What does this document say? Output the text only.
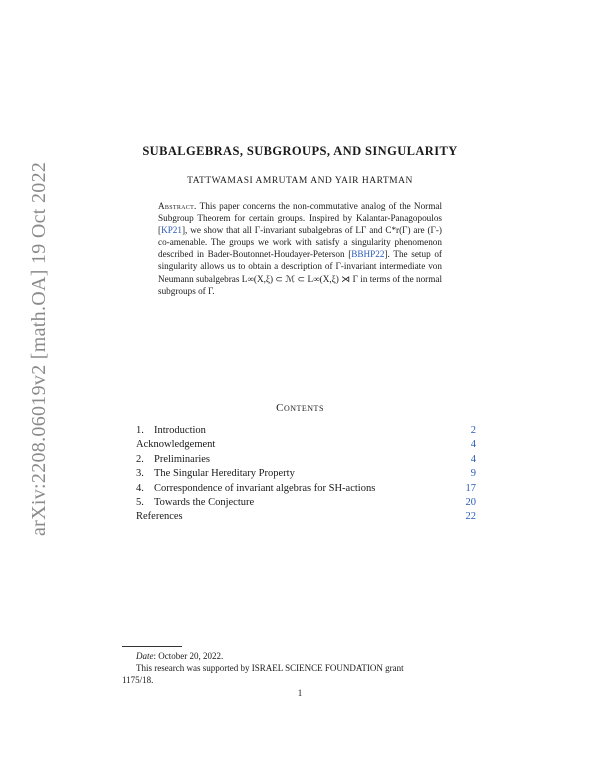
arXiv:2208.06019v2 [math.OA] 19 Oct 2022
SUBALGEBRAS, SUBGROUPS, AND SINGULARITY
TATTWAMASI AMRUTAM AND YAIR HARTMAN
Abstract. This paper concerns the non-commutative analog of the Normal Subgroup Theorem for certain groups. Inspired by Kalantar-Panagopoulos [KP21], we show that all Γ-invariant subalgebras of LΓ and C*r(Γ) are (Γ-) co-amenable. The groups we work with satisfy a singularity phenomenon described in Bader-Boutonnet-Houdayer-Peterson [BBHP22]. The setup of singularity allows us to obtain a description of Γ-invariant intermediate von Neumann subalgebras L∞(X,ξ) ⊂ ℳ ⊂ L∞(X,ξ) ⋊ Γ in terms of the normal subgroups of Γ.
Contents
1. Introduction	2
Acknowledgement	4
2. Preliminaries	4
3. The Singular Hereditary Property	9
4. Correspondence of invariant algebras for SH-actions	17
5. Towards the Conjecture	20
References	22

Date: October 20, 2022.

This research was supported by ISRAEL SCIENCE FOUNDATION grant

1175/18.

1
